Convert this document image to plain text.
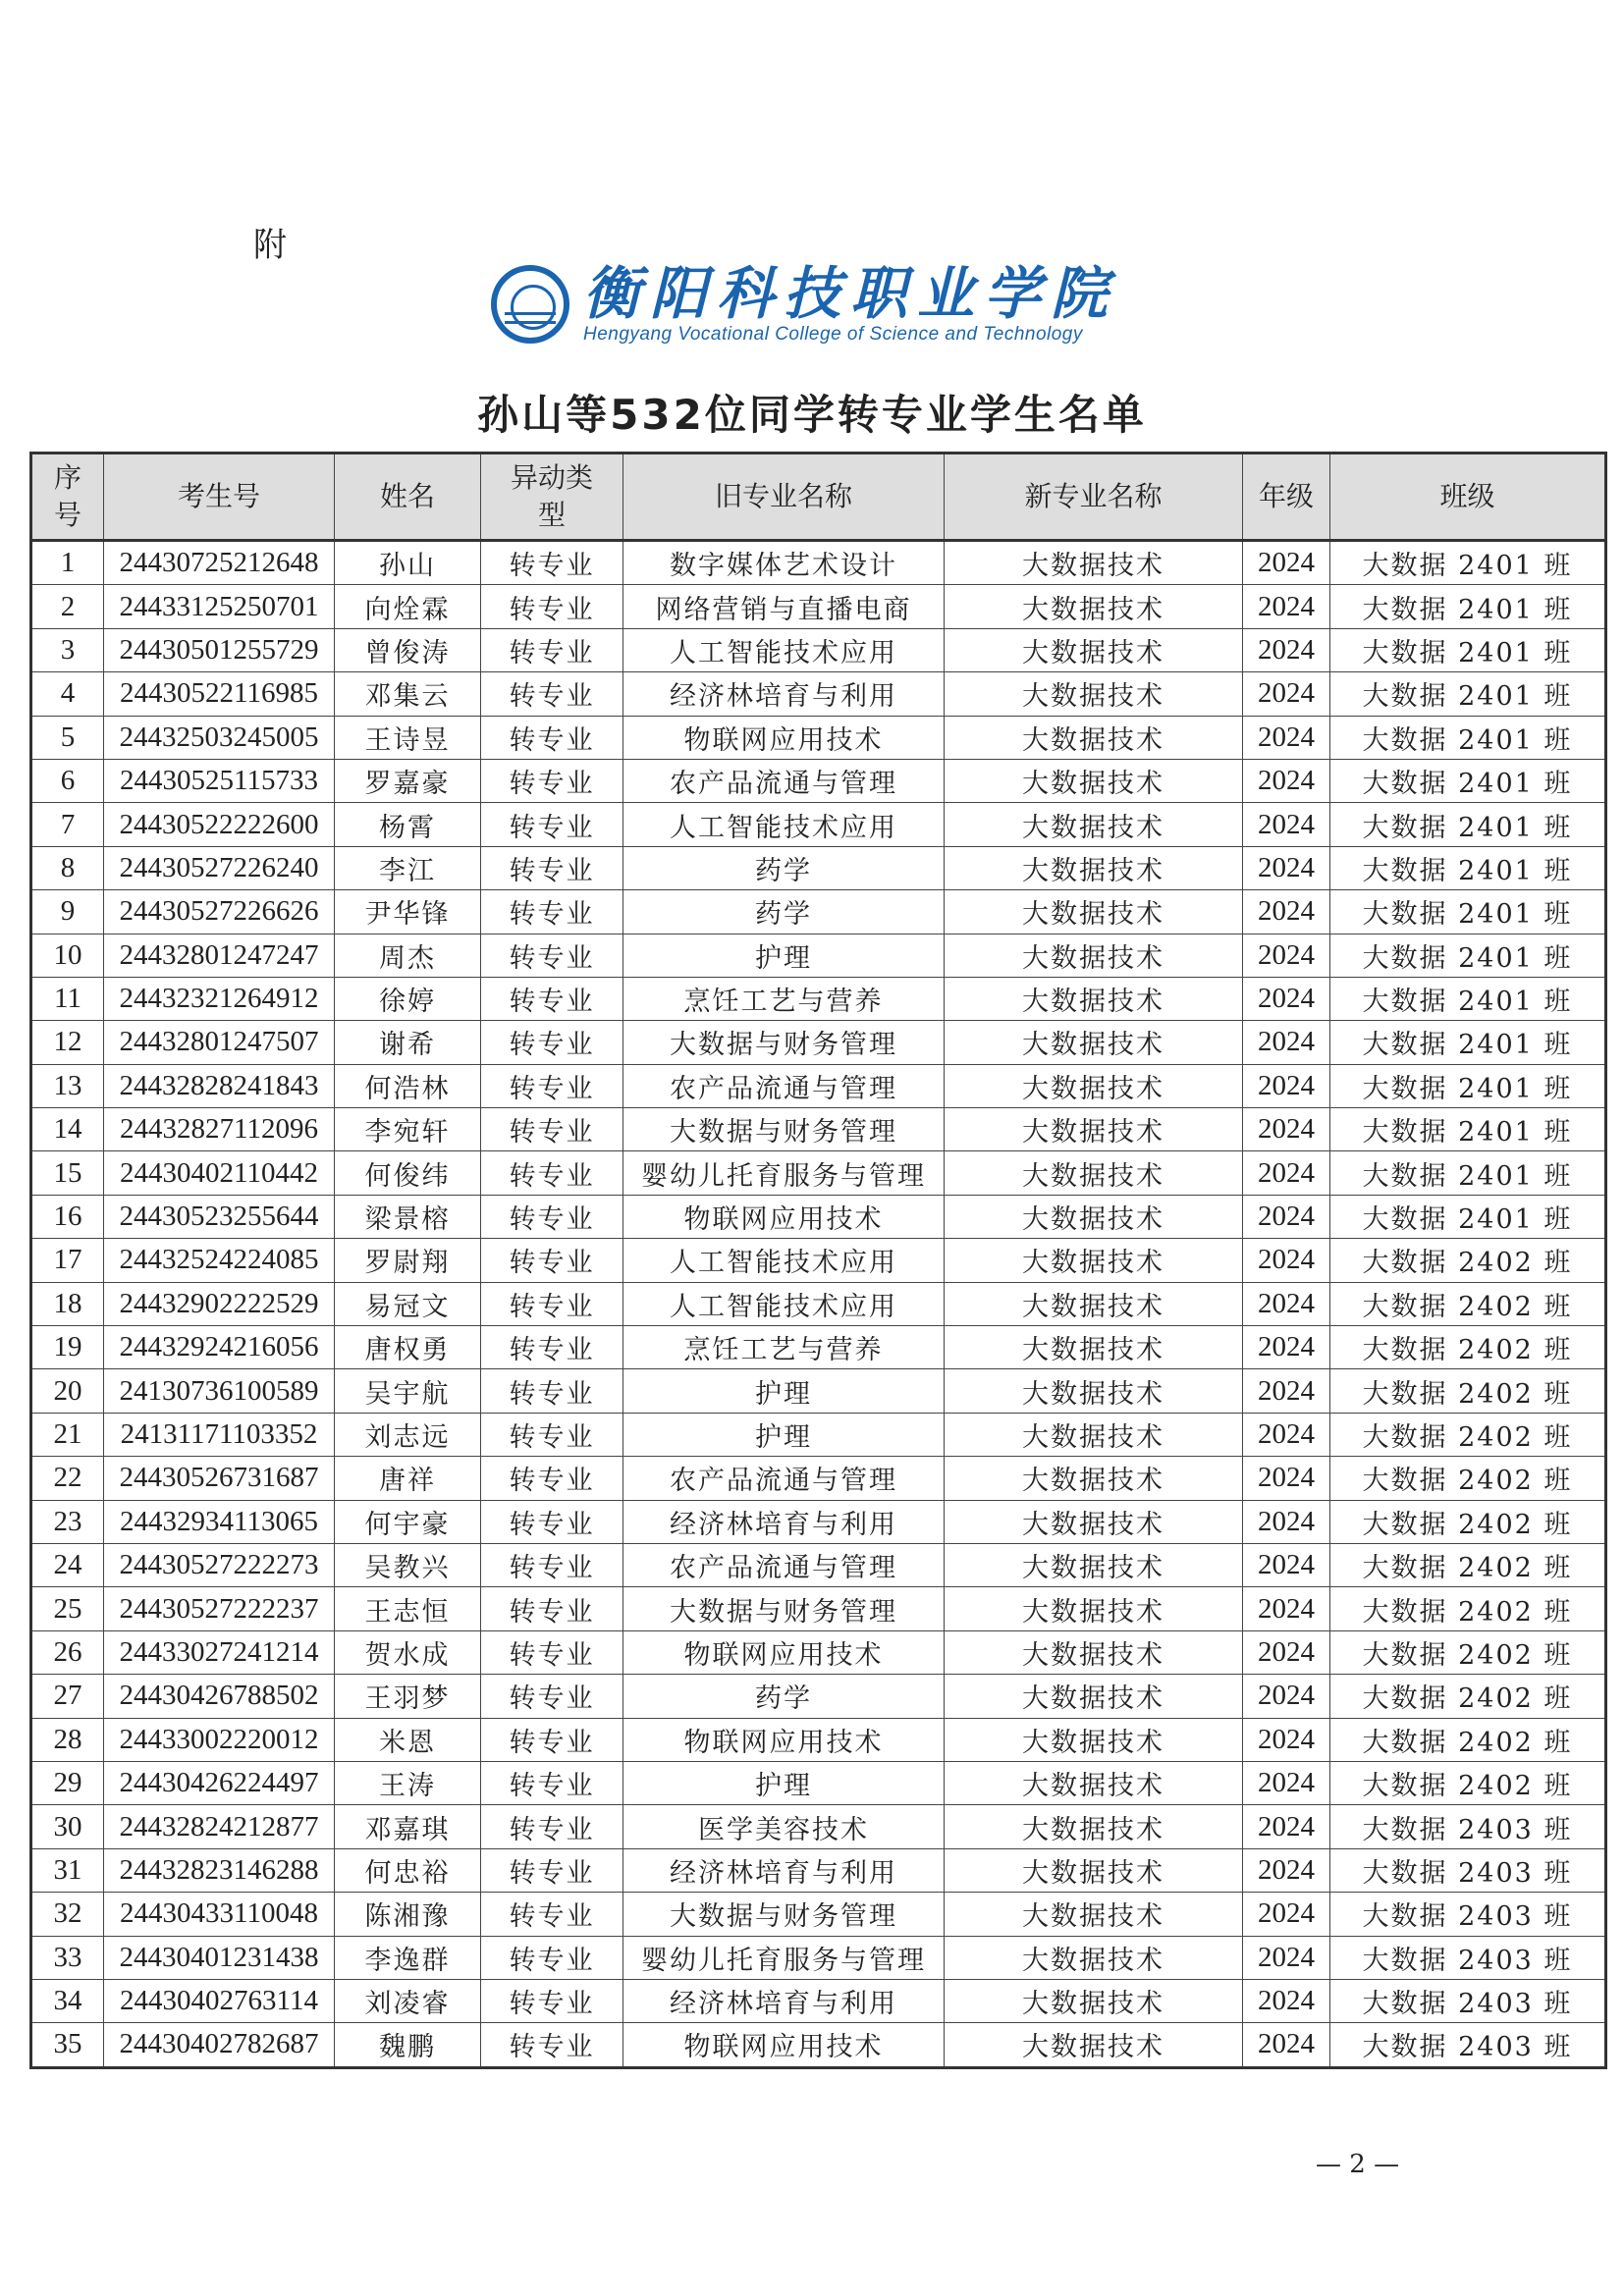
附
衡阳科技职业学院
Hengyang Vocational College of Science and Technology
孙山等532位同学转专业学生名单
序号	考生号	姓名	异动类型	旧专业名称	新专业名称	年级	班级
1	24430725212648	孙山	转专业	数字媒体艺术设计	大数据技术	2024	大数据 2401 班
2	24433125250701	向烇霖	转专业	网络营销与直播电商	大数据技术	2024	大数据 2401 班
3	24430501255729	曾俊涛	转专业	人工智能技术应用	大数据技术	2024	大数据 2401 班
4	24430522116985	邓集云	转专业	经济林培育与利用	大数据技术	2024	大数据 2401 班
5	24432503245005	王诗昱	转专业	物联网应用技术	大数据技术	2024	大数据 2401 班
6	24430525115733	罗嘉豪	转专业	农产品流通与管理	大数据技术	2024	大数据 2401 班
7	24430522222600	杨霄	转专业	人工智能技术应用	大数据技术	2024	大数据 2401 班
8	24430527226240	李江	转专业	药学	大数据技术	2024	大数据 2401 班
9	24430527226626	尹华锋	转专业	药学	大数据技术	2024	大数据 2401 班
10	24432801247247	周杰	转专业	护理	大数据技术	2024	大数据 2401 班
11	24432321264912	徐婷	转专业	烹饪工艺与营养	大数据技术	2024	大数据 2401 班
12	24432801247507	谢希	转专业	大数据与财务管理	大数据技术	2024	大数据 2401 班
13	24432828241843	何浩林	转专业	农产品流通与管理	大数据技术	2024	大数据 2401 班
14	24432827112096	李宛轩	转专业	大数据与财务管理	大数据技术	2024	大数据 2401 班
15	24430402110442	何俊纬	转专业	婴幼儿托育服务与管理	大数据技术	2024	大数据 2401 班
16	24430523255644	梁景榕	转专业	物联网应用技术	大数据技术	2024	大数据 2401 班
17	24432524224085	罗尉翔	转专业	人工智能技术应用	大数据技术	2024	大数据 2402 班
18	24432902222529	易冠文	转专业	人工智能技术应用	大数据技术	2024	大数据 2402 班
19	24432924216056	唐权勇	转专业	烹饪工艺与营养	大数据技术	2024	大数据 2402 班
20	24130736100589	吴宇航	转专业	护理	大数据技术	2024	大数据 2402 班
21	24131171103352	刘志远	转专业	护理	大数据技术	2024	大数据 2402 班
22	24430526731687	唐祥	转专业	农产品流通与管理	大数据技术	2024	大数据 2402 班
23	24432934113065	何宇豪	转专业	经济林培育与利用	大数据技术	2024	大数据 2402 班
24	24430527222273	吴教兴	转专业	农产品流通与管理	大数据技术	2024	大数据 2402 班
25	24430527222237	王志恒	转专业	大数据与财务管理	大数据技术	2024	大数据 2402 班
26	24433027241214	贺水成	转专业	物联网应用技术	大数据技术	2024	大数据 2402 班
27	24430426788502	王羽梦	转专业	药学	大数据技术	2024	大数据 2402 班
28	24433002220012	米恩	转专业	物联网应用技术	大数据技术	2024	大数据 2402 班
29	24430426224497	王涛	转专业	护理	大数据技术	2024	大数据 2402 班
30	24432824212877	邓嘉琪	转专业	医学美容技术	大数据技术	2024	大数据 2403 班
31	24432823146288	何忠裕	转专业	经济林培育与利用	大数据技术	2024	大数据 2403 班
32	24430433110048	陈湘豫	转专业	大数据与财务管理	大数据技术	2024	大数据 2403 班
33	24430401231438	李逸群	转专业	婴幼儿托育服务与管理	大数据技术	2024	大数据 2403 班
34	24430402763114	刘凌睿	转专业	经济林培育与利用	大数据技术	2024	大数据 2403 班
35	24430402782687	魏鹏	转专业	物联网应用技术	大数据技术	2024	大数据 2403 班
— 2 —
